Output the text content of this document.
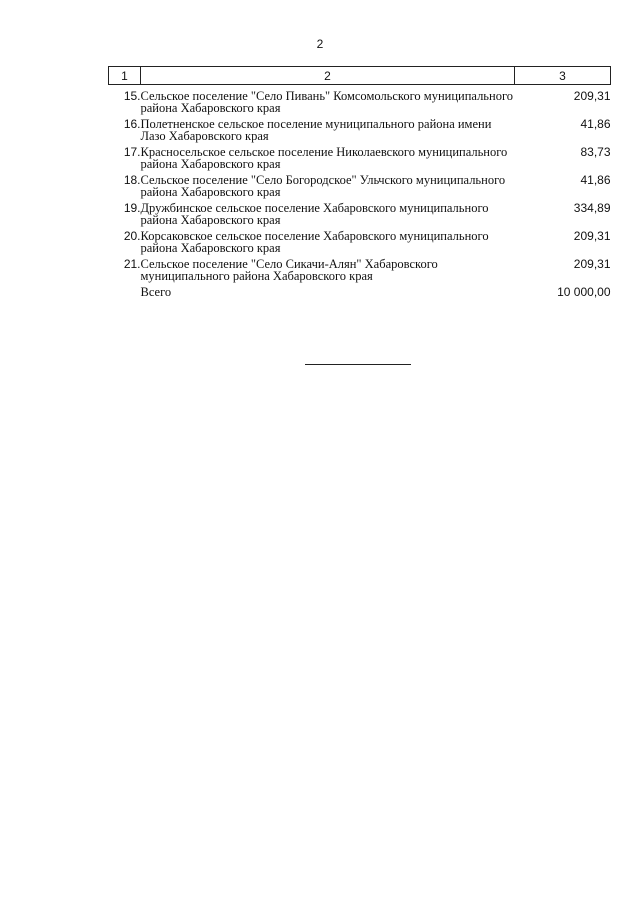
2
1	2	3
15.	Сельское поселение "Село Пивань" Комсомольского муниципального района Хабаровского края	209,31
16.	Полетненское сельское поселение муниципального района имени Лазо Хабаровского края	41,86
17.	Красносельское сельское поселение Николаевского муниципального района Хабаровского края	83,73
18.	Сельское поселение "Село Богородское" Ульчского муниципального района Хабаровского края	41,86
19.	Дружбинское сельское поселение Хабаровского муниципального района Хабаровского края	334,89
20.	Корсаковское сельское поселение Хабаровского муниципального района Хабаровского края	209,31
21.	Сельское поселение "Село Сикачи-Алян" Хабаровского муниципального района Хабаровского края	209,31
	Всего	10 000,00
